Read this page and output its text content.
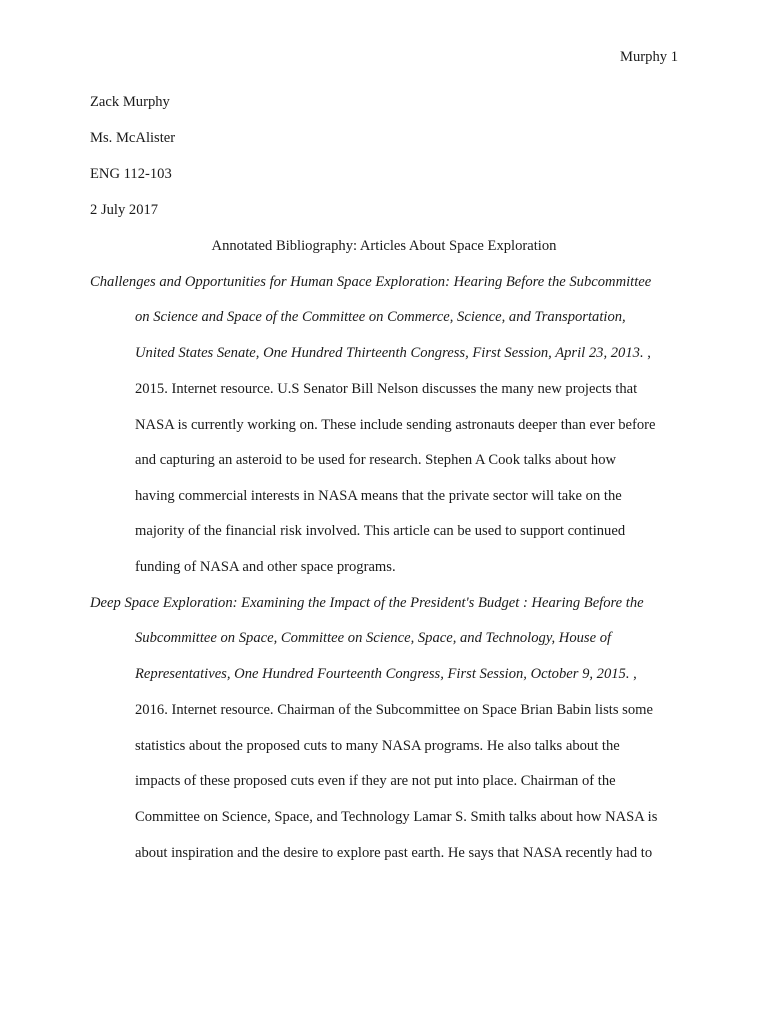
Murphy 1
Zack Murphy
Ms. McAlister
ENG 112-103
2 July 2017
Annotated Bibliography: Articles About Space Exploration
Challenges and Opportunities for Human Space Exploration: Hearing Before the Subcommittee
on Science and Space of the Committee on Commerce, Science, and Transportation,
United States Senate, One Hundred Thirteenth Congress, First Session, April 23, 2013. ,
2015. Internet resource. U.S Senator Bill Nelson discusses the many new projects that
NASA is currently working on. These include sending astronauts deeper than ever before
and capturing an asteroid to be used for research. Stephen A Cook talks about how
having commercial interests in NASA means that the private sector will take on the
majority of the financial risk involved. This article can be used to support continued
funding of NASA and other space programs.
Deep Space Exploration: Examining the Impact of the President's Budget : Hearing Before the
Subcommittee on Space, Committee on Science, Space, and Technology, House of
Representatives, One Hundred Fourteenth Congress, First Session, October 9, 2015. ,
2016. Internet resource. Chairman of the Subcommittee on Space Brian Babin lists some
statistics about the proposed cuts to many NASA programs. He also talks about the
impacts of these proposed cuts even if they are not put into place. Chairman of the
Committee on Science, Space, and Technology Lamar S. Smith talks about how NASA is
about inspiration and the desire to explore past earth. He says that NASA recently had to
